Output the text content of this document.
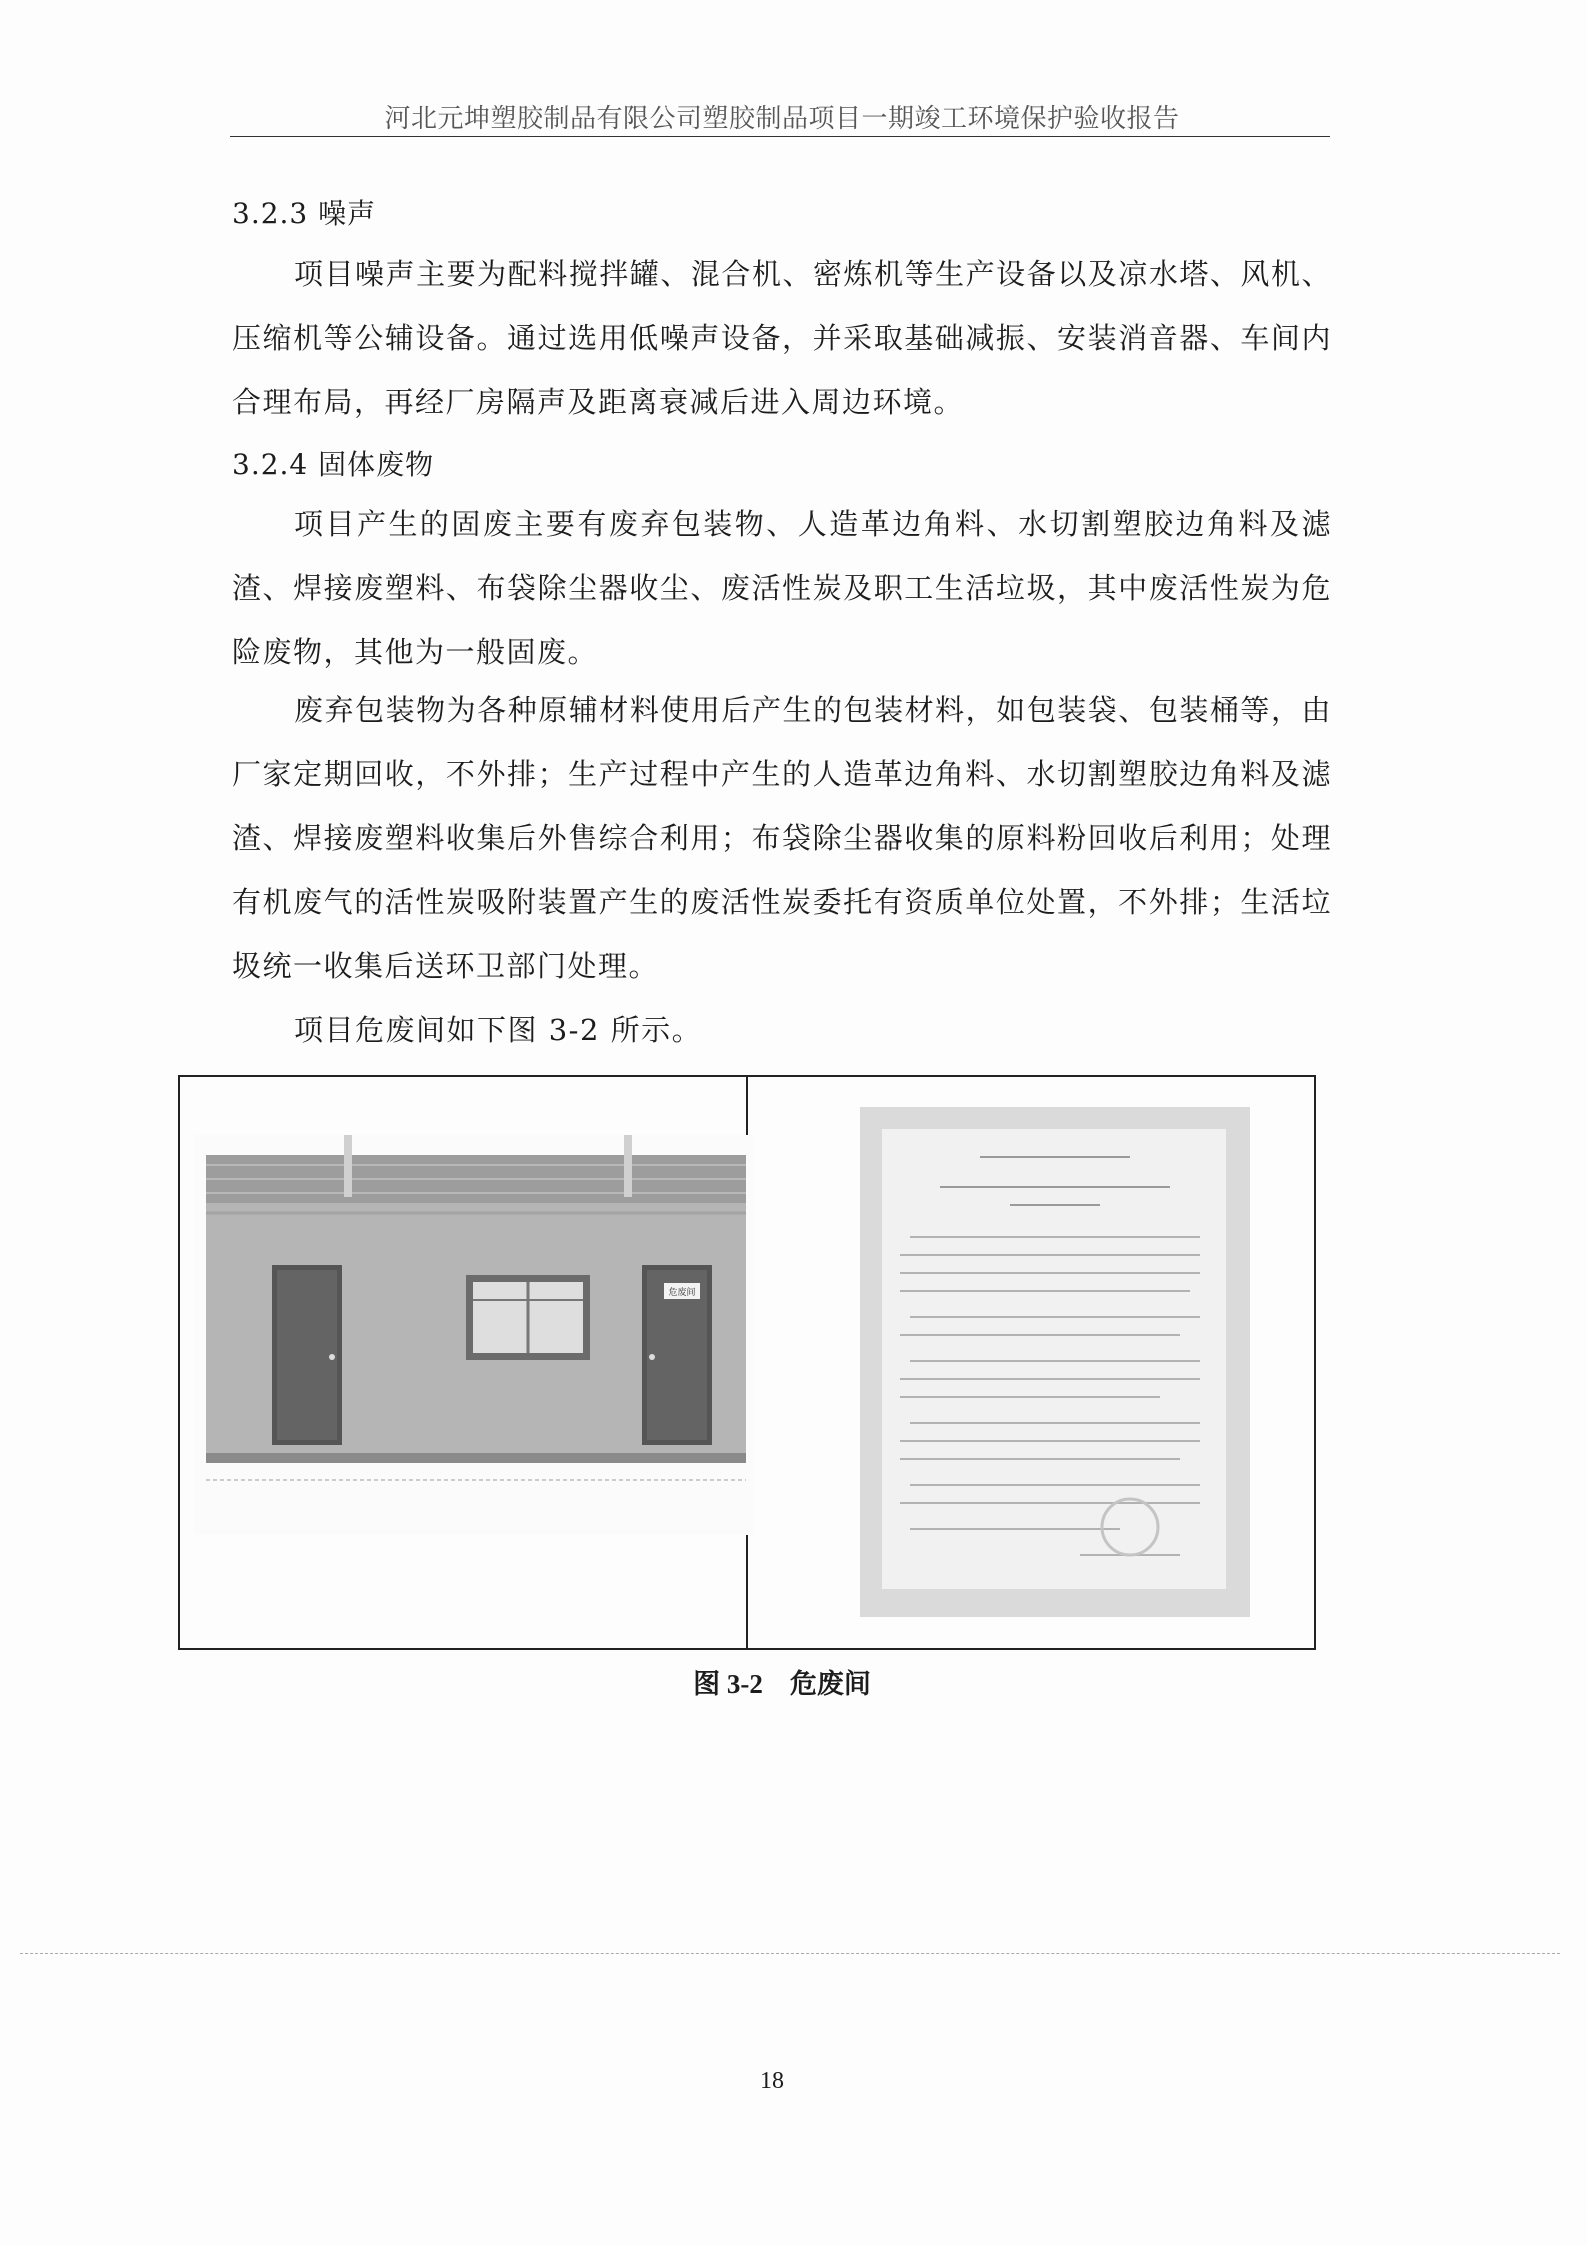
河北元坤塑胶制品有限公司塑胶制品项目一期竣工环境保护验收报告
3.2.3 噪声

项目噪声主要为配料搅拌罐、混合机、密炼机等生产设备以及凉水塔、风机、压缩机等公辅设备。通过选用低噪声设备，并采取基础减振、安装消音器、车间内合理布局，再经厂房隔声及距离衰减后进入周边环境。

3.2.4 固体废物

项目产生的固废主要有废弃包装物、人造革边角料、水切割塑胶边角料及滤渣、焊接废塑料、布袋除尘器收尘、废活性炭及职工生活垃圾，其中废活性炭为危险废物，其他为一般固废。

废弃包装物为各种原辅材料使用后产生的包装材料，如包装袋、包装桶等，由厂家定期回收，不外排；生产过程中产生的人造革边角料、水切割塑胶边角料及滤渣、焊接废塑料收集后外售综合利用；布袋除尘器收集的原料粉回收后利用；处理有机废气的活性炭吸附装置产生的废活性炭委托有资质单位处置，不外排；生活垃圾统一收集后送环卫部门处理。

项目危废间如下图 3-2 所示。

危废间
图 3-2　危废间
18
